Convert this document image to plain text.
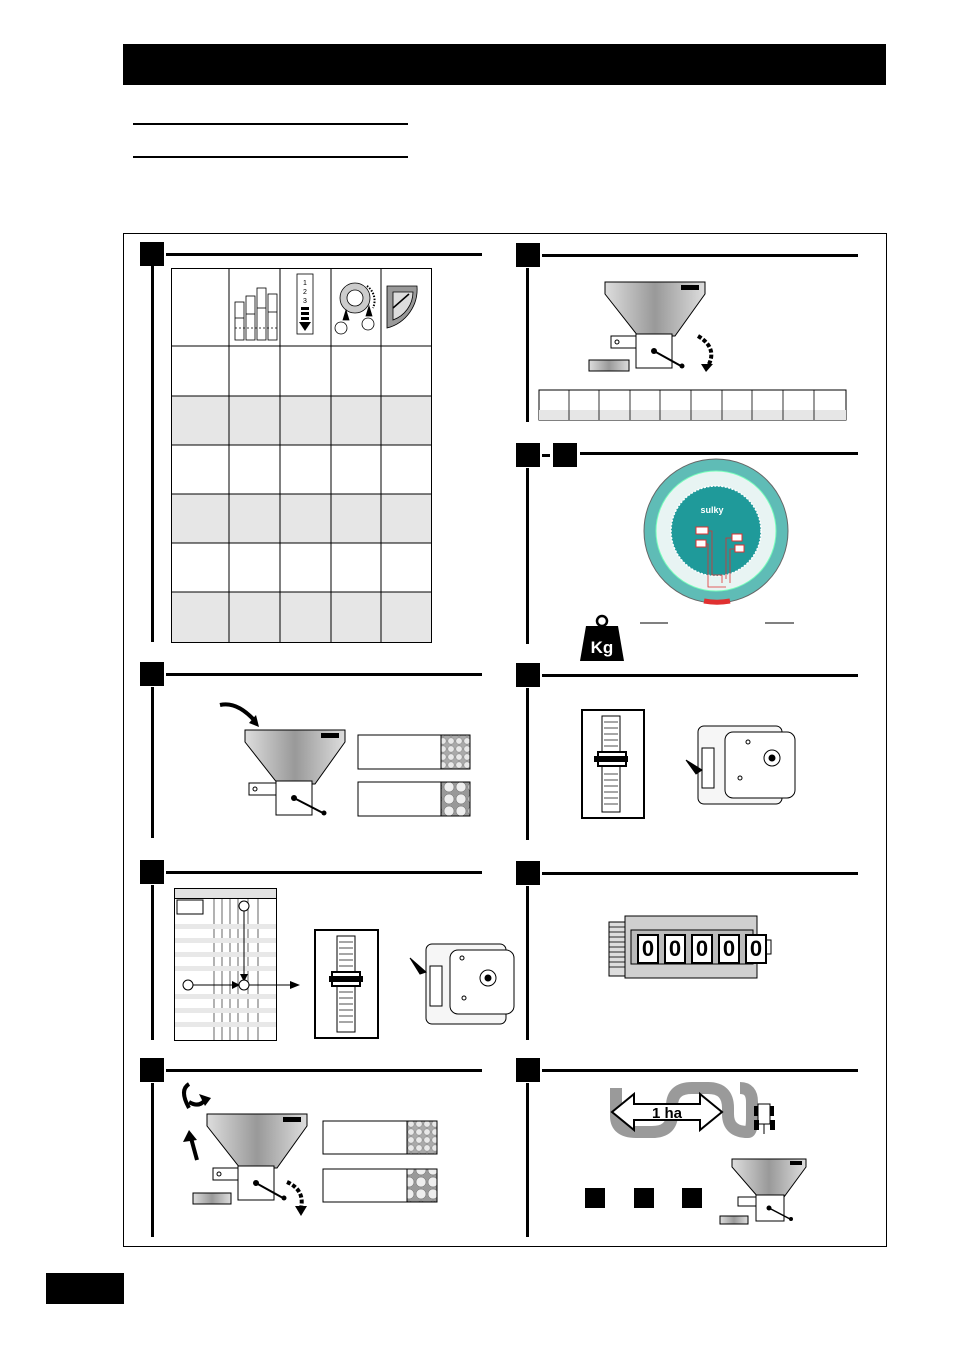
1
2
3
sulky
Kg
0 0 0 0 0
1 ha
